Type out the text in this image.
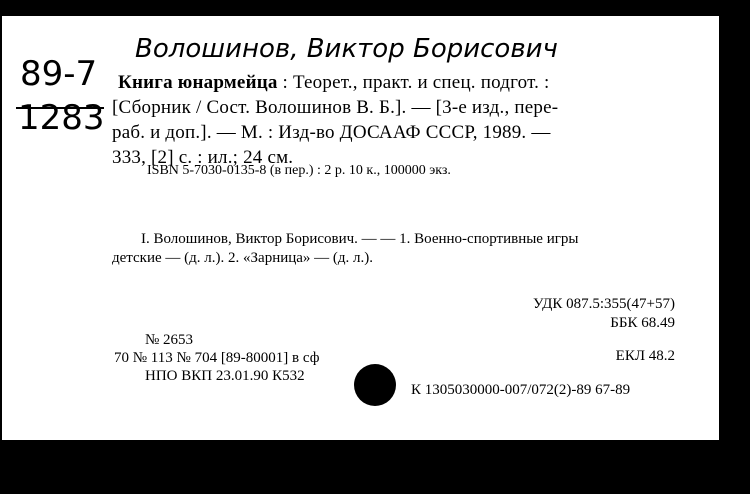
89-7
1283
Волошинов, Виктор Борисович
Книга юнармейца : Теорет., практ. и спец. подгот. :
[Сборник / Сост. Волошинов В. Б.]. — [3-е изд., пере-
раб. и доп.]. — М. : Изд-во ДОСААФ СССР, 1989. —
333, [2] с. : ил.; 24 см.
ISBN 5-7030-0135-8 (в пер.) : 2 р. 10 к., 100000 экз.
I. Волошинов, Виктор Борисович. — — 1. Военно-спортивные игры
детские — (д. л.). 2. «Зарница» — (д. л.).
УДК 087.5:355(47+57)
ББК 68.49
№ 2653
70 № 113 № 704 [89-80001] в сф	ЕКЛ 48.2
НПО ВКП 23.01.90 К532
К 1305030000-007/072(2)-89 67-89
